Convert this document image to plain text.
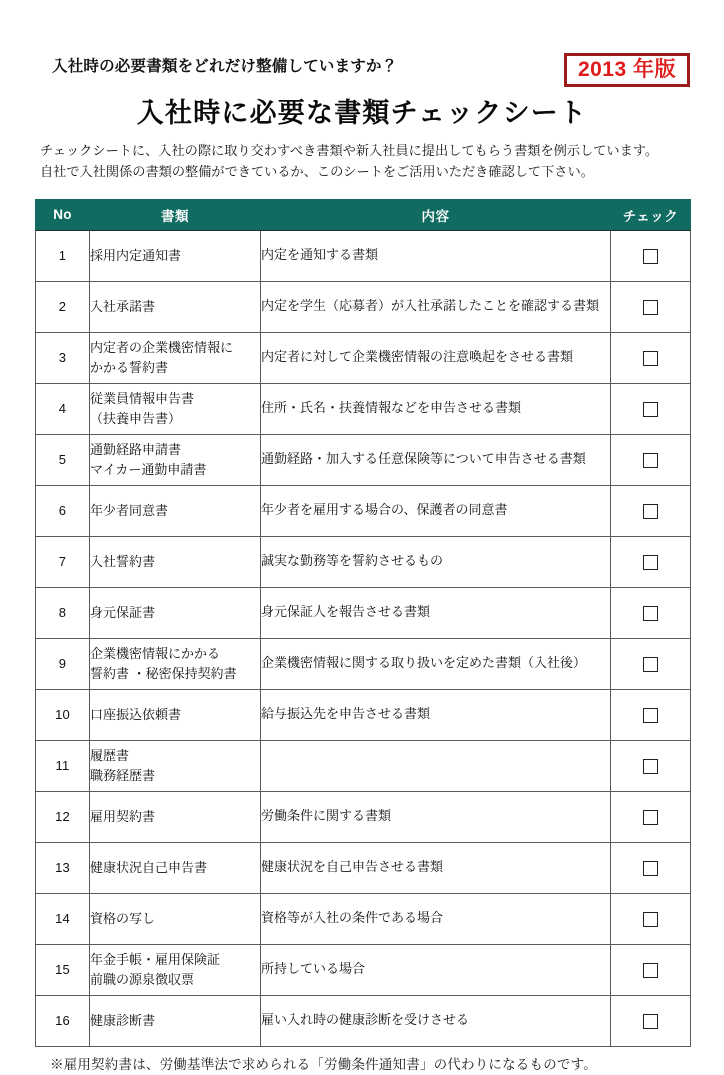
入社時の必要書類をどれだけ整備していますか？	2013 年版
入社時に必要な書類チェックシート
チェックシートに、入社の際に取り交わすべき書類や新入社員に提出してもらう書類を例示しています。
自社で入社関係の書類の整備ができているか、このシートをご活用いただき確認して下さい。
No	書類	内容	チェック
1	採用内定通知書	内定を通知する書類	
2	入社承諾書	内定を学生（応募者）が入社承諾したことを確認する書類	
3	内定者の企業機密情報に
かかる誓約書	内定者に対して企業機密情報の注意喚起をさせる書類	
4	従業員情報申告書
（扶養申告書）	住所・氏名・扶養情報などを申告させる書類	
5	通勤経路申請書
マイカー通勤申請書	通勤経路・加入する任意保険等について申告させる書類	
6	年少者同意書	年少者を雇用する場合の、保護者の同意書	
7	入社誓約書	誠実な勤務等を誓約させるもの	
8	身元保証書	身元保証人を報告させる書類	
9	企業機密情報にかかる
誓約書 ・秘密保持契約書	企業機密情報に関する取り扱いを定めた書類（入社後）	
10	口座振込依頼書	給与振込先を申告させる書類	
11	履歴書
職務経歴書		

12	雇用契約書	労働条件に関する書類	
13	健康状況自己申告書	健康状況を自己申告させる書類	
14	資格の写し	資格等が入社の条件である場合	
15	年金手帳・雇用保険証
前職の源泉徴収票	所持している場合	
16	健康診断書	雇い入れ時の健康診断を受けさせる	
※雇用契約書は、労働基準法で求められる「労働条件通知書」の代わりになるものです。
